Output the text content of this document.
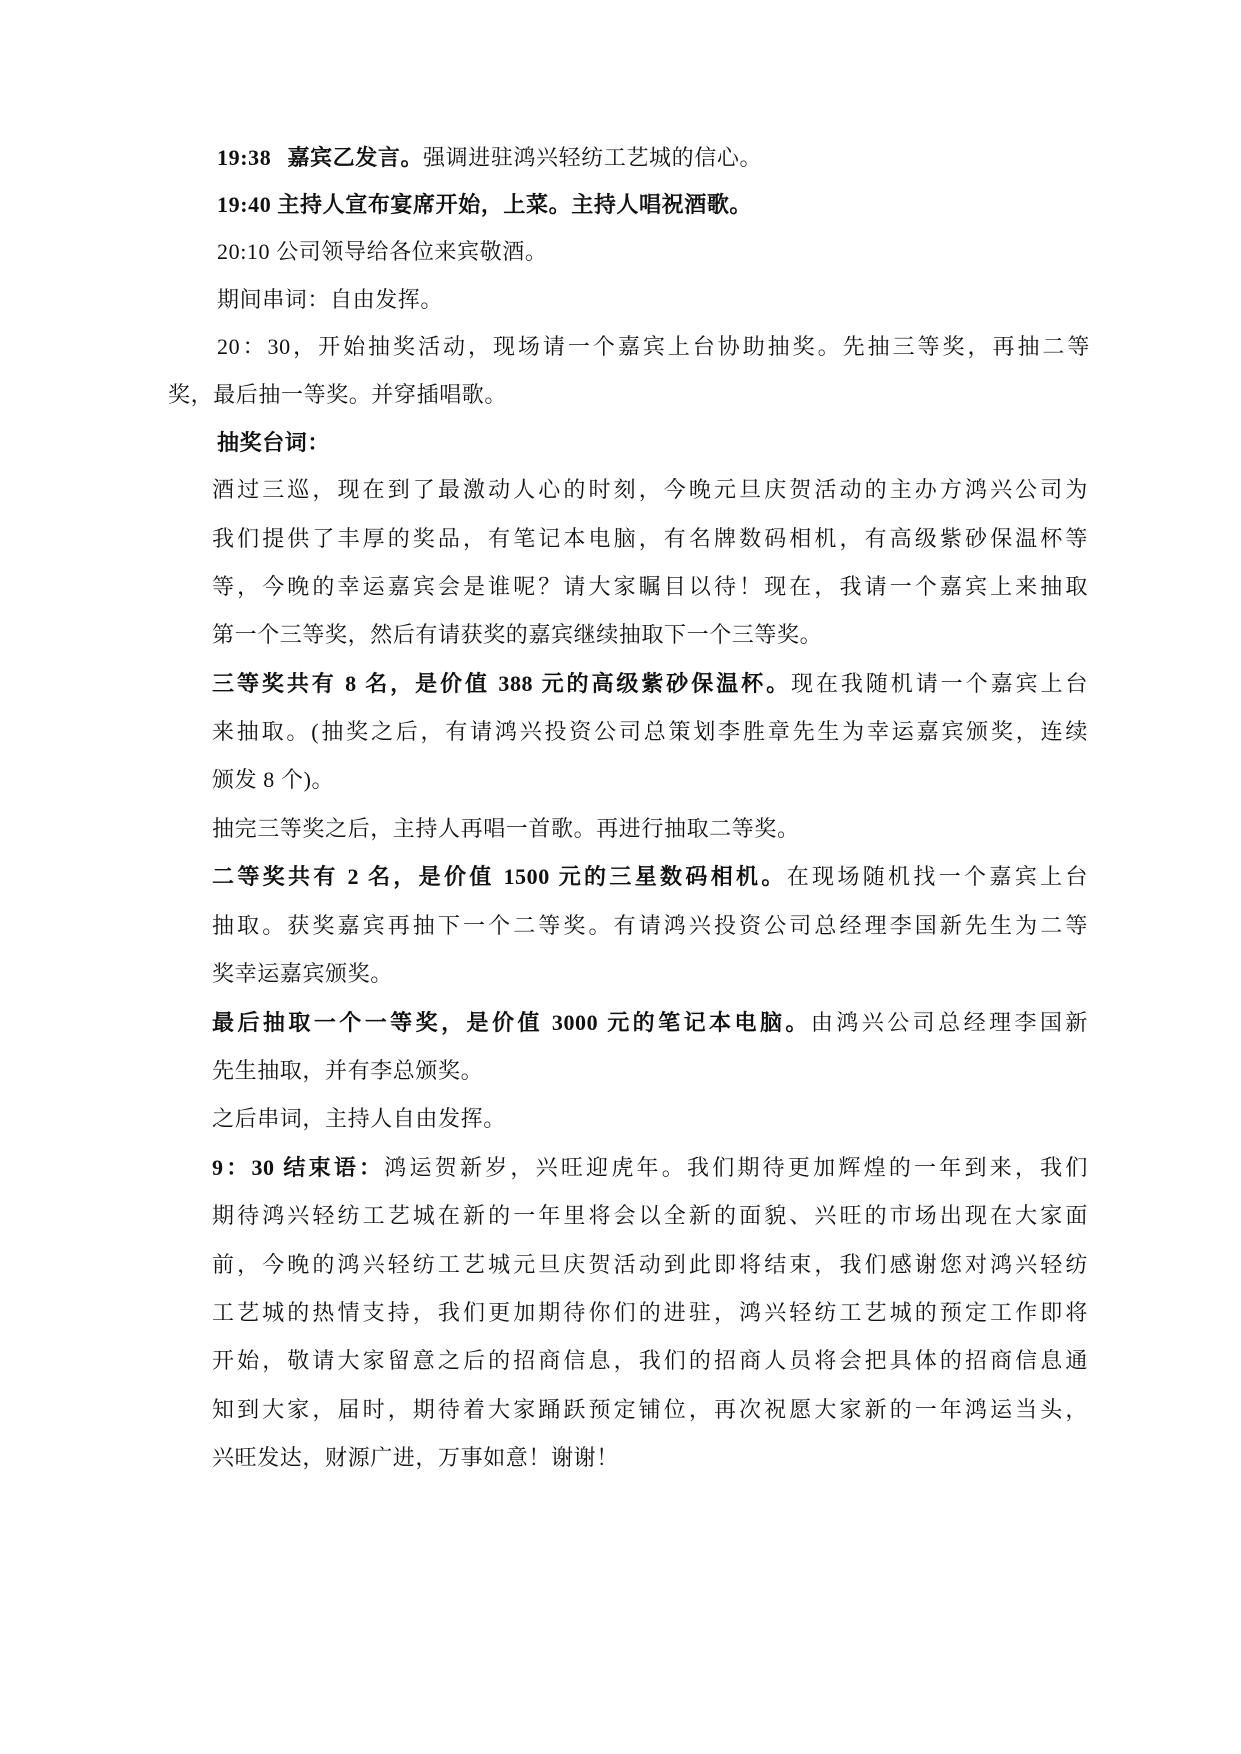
19:38 嘉宾乙发言。强调进驻鸿兴轻纺工艺城的信心。
19:40 主持人宣布宴席开始，上菜。主持人唱祝酒歌。
20:10 公司领导给各位来宾敬酒。
期间串词：自由发挥。
20：30，开始抽奖活动，现场请一个嘉宾上台协助抽奖。先抽三等奖，再抽二等
奖，最后抽一等奖。并穿插唱歌。
抽奖台词：
酒过三巡，现在到了最激动人心的时刻，今晚元旦庆贺活动的主办方鸿兴公司为
我们提供了丰厚的奖品，有笔记本电脑，有名牌数码相机，有高级紫砂保温杯等
等，今晚的幸运嘉宾会是谁呢？请大家瞩目以待！现在，我请一个嘉宾上来抽取
第一个三等奖，然后有请获奖的嘉宾继续抽取下一个三等奖。
三等奖共有 8 名，是价值 388 元的高级紫砂保温杯。现在我随机请一个嘉宾上台
来抽取。(抽奖之后，有请鸿兴投资公司总策划李胜章先生为幸运嘉宾颁奖，连续
颁发 8 个)。
抽完三等奖之后，主持人再唱一首歌。再进行抽取二等奖。
二等奖共有 2 名，是价值 1500 元的三星数码相机。在现场随机找一个嘉宾上台
抽取。获奖嘉宾再抽下一个二等奖。有请鸿兴投资公司总经理李国新先生为二等
奖幸运嘉宾颁奖。
最后抽取一个一等奖，是价值 3000 元的笔记本电脑。由鸿兴公司总经理李国新
先生抽取，并有李总颁奖。
之后串词，主持人自由发挥。
9：30 结束语：鸿运贺新岁，兴旺迎虎年。我们期待更加辉煌的一年到来，我们
期待鸿兴轻纺工艺城在新的一年里将会以全新的面貌、兴旺的市场出现在大家面
前，今晚的鸿兴轻纺工艺城元旦庆贺活动到此即将结束，我们感谢您对鸿兴轻纺
工艺城的热情支持，我们更加期待你们的进驻，鸿兴轻纺工艺城的预定工作即将
开始，敬请大家留意之后的招商信息，我们的招商人员将会把具体的招商信息通
知到大家，届时，期待着大家踊跃预定铺位，再次祝愿大家新的一年鸿运当头，
兴旺发达，财源广进，万事如意！谢谢！
